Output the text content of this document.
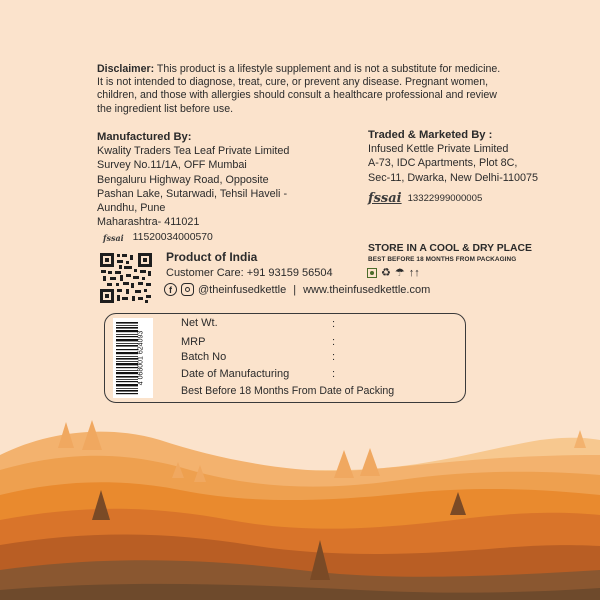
Disclaimer: This product is a lifestyle supplement and is not a substitute for medicine. It is not intended to diagnose, treat, cure, or prevent any disease. Pregnant women, children, and those with allergies should consult a healthcare professional and review the ingredient list before use.
Manufactured By:
Kwality Traders Tea Leaf Private Limited
Survey No.11/1A, OFF Mumbai
Bengaluru Highway Road, Opposite
Pashan Lake, Sutarwadi, Tehsil Haveli -
Aundhu, Pune
Maharashtra- 411021
fssai 11520034000570
Traded & Marketed By :
Infused Kettle Private Limited
A-73, IDC Apartments, Plot 8C,
Sec-11, Dwarka, New Delhi-110075
fssai 13322999000005
Product of India
Customer Care: +91 93159 56504
f	@theinfusedkettle | www.theinfusedkettle.com
STORE IN A COOL & DRY PLACE
BEST BEFORE 18 MONTHS FROM PACKAGING
♻ ☂ ↑↑
4 068001 624093
Net Wt.
MRP
Batch No
Date of Manufacturing
:
:
:
:
Best Before 18 Months From Date of Packing
